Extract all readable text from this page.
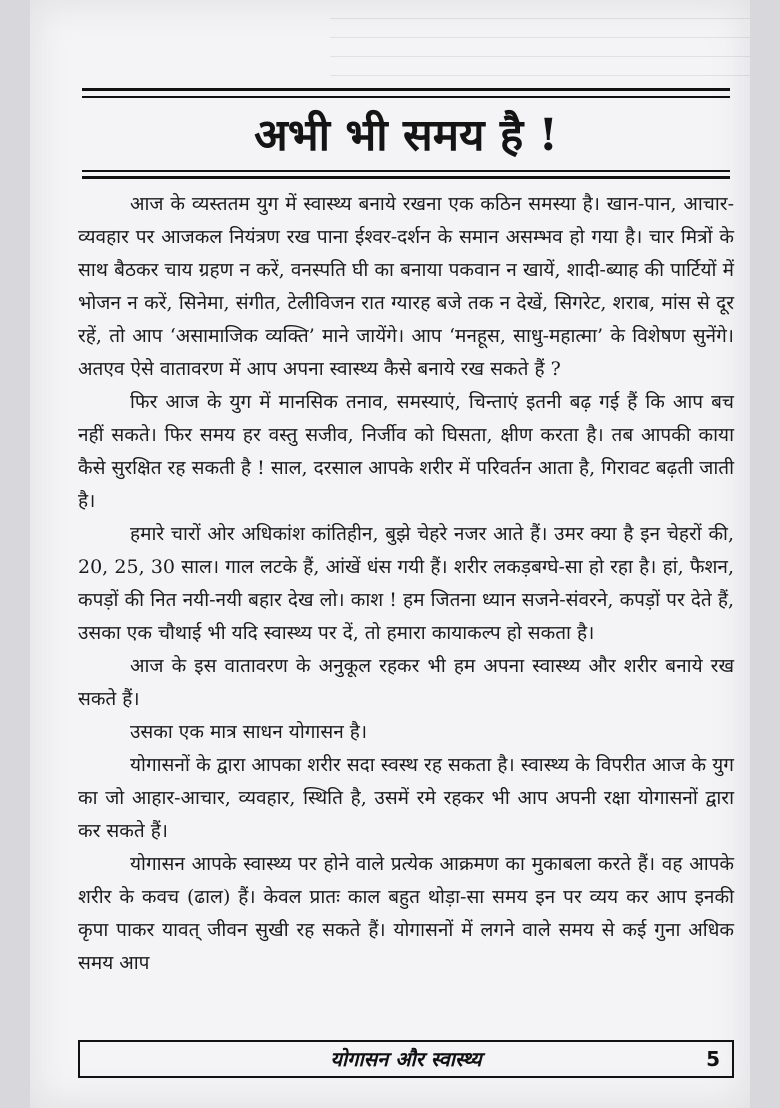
अभी भी समय है !

आज के व्यस्ततम युग में स्वास्थ्य बनाये रखना एक कठिन समस्या है। खान-पान, आचार-व्यवहार पर आजकल नियंत्रण रख पाना ईश्वर-दर्शन के समान असम्भव हो गया है। चार मित्रों के साथ बैठकर चाय ग्रहण न करें, वनस्पति घी का बनाया पकवान न खायें, शादी-ब्याह की पार्टियों में भोजन न करें, सिनेमा, संगीत, टेलीविजन रात ग्यारह बजे तक न देखें, सिगरेट, शराब, मांस से दूर रहें, तो आप ‘असामाजिक व्यक्ति’ माने जायेंगे। आप ‘मनहूस, साधु-महात्मा’ के विशेषण सुनेंगे। अतएव ऐसे वातावरण में आप अपना स्वास्थ्य कैसे बनाये रख सकते हैं ?

फिर आज के युग में मानसिक तनाव, समस्याएं, चिन्ताएं इतनी बढ़ गई हैं कि आप बच नहीं सकते। फिर समय हर वस्तु सजीव, निर्जीव को घिसता, क्षीण करता है। तब आपकी काया कैसे सुरक्षित रह सकती है ! साल, दरसाल आपके शरीर में परिवर्तन आता है, गिरावट बढ़ती जाती है।

हमारे चारों ओर अधिकांश कांतिहीन, बुझे चेहरे नजर आते हैं। उमर क्या है इन चेहरों की, 20, 25, 30 साल। गाल लटके हैं, आंखें धंस गयी हैं। शरीर लकड़बग्घे-सा हो रहा है। हां, फैशन, कपड़ों की नित नयी-नयी बहार देख लो। काश ! हम जितना ध्यान सजने-संवरने, कपड़ों पर देते हैं, उसका एक चौथाई भी यदि स्वास्थ्य पर दें, तो हमारा कायाकल्प हो सकता है।

आज के इस वातावरण के अनुकूल रहकर भी हम अपना स्वास्थ्य और शरीर बनाये रख सकते हैं।

उसका एक मात्र साधन योगासन है।

योगासनों के द्वारा आपका शरीर सदा स्वस्थ रह सकता है। स्वास्थ्य के विपरीत आज के युग का जो आहार-आचार, व्यवहार, स्थिति है, उसमें रमे रहकर भी आप अपनी रक्षा योगासनों द्वारा कर सकते हैं।

योगासन आपके स्वास्थ्य पर होने वाले प्रत्येक आक्रमण का मुकाबला करते हैं। वह आपके शरीर के कवच (ढाल) हैं। केवल प्रातः काल बहुत थोड़ा-सा समय इन पर व्यय कर आप इनकी कृपा पाकर यावत् जीवन सुखी रह सकते हैं। योगासनों में लगने वाले समय से कई गुना अधिक समय आप

योगासन और स्वास्थ्य	5
